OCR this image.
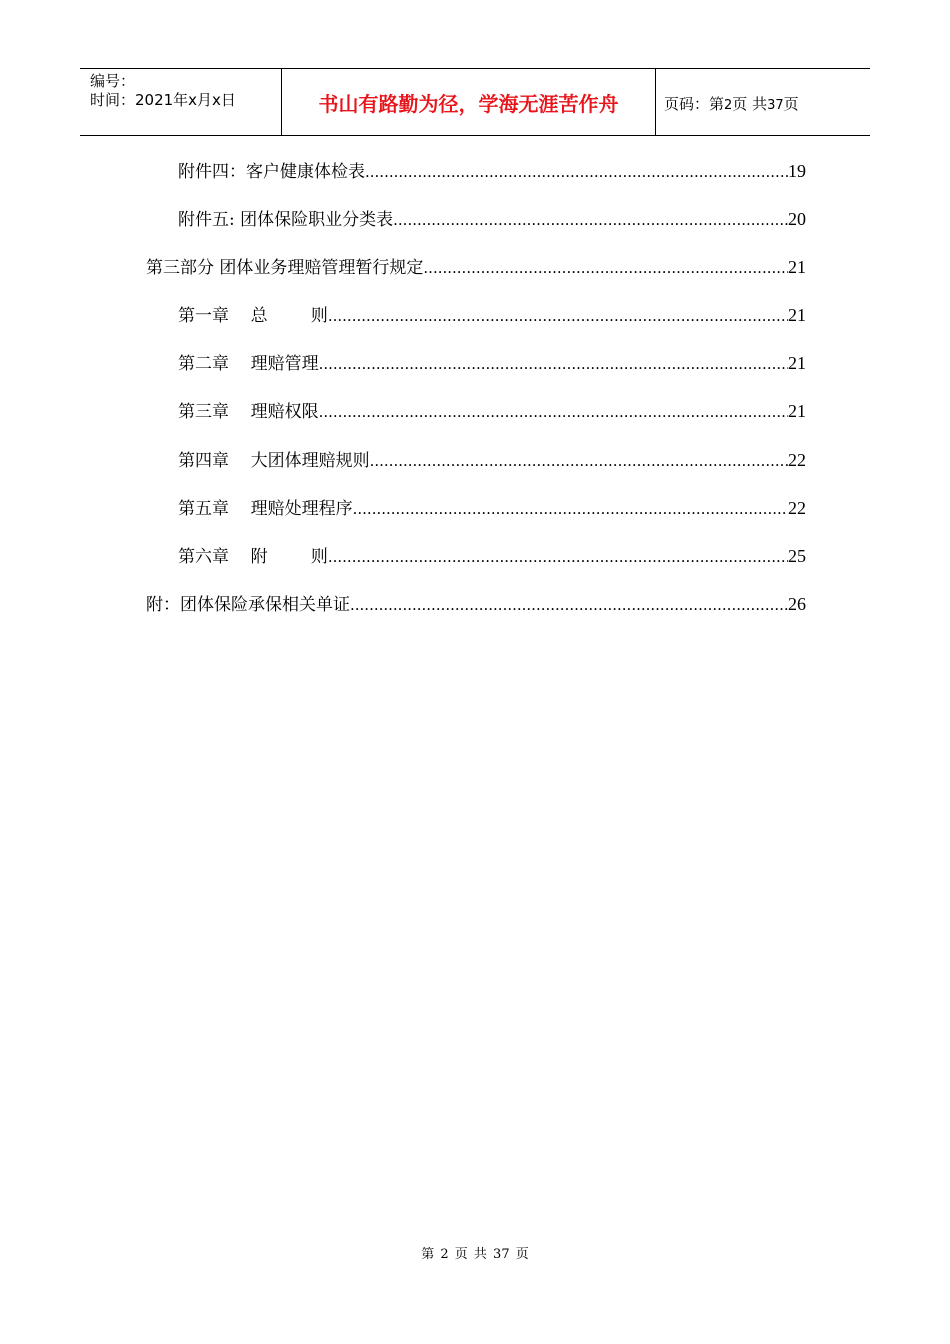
编号：
时间：2021年x月x日	书山有路勤为径，学海无涯苦作舟	页码：第2页 共37页
附件四：客户健康体检表 .....	19
附件五: 团体保险职业分类表 .....	20
第三部分 团体业务理赔管理暂行规定 .....	21
第一章    总        则 .....	21
第二章    理赔管理 .....	21
第三章    理赔权限 .....	21
第四章    大团体理赔规则 .....	22
第五章    理赔处理程序 .....	22
第六章    附        则 .....	25
附：团体保险承保相关单证 .....	26
第 2 页 共 37 页
